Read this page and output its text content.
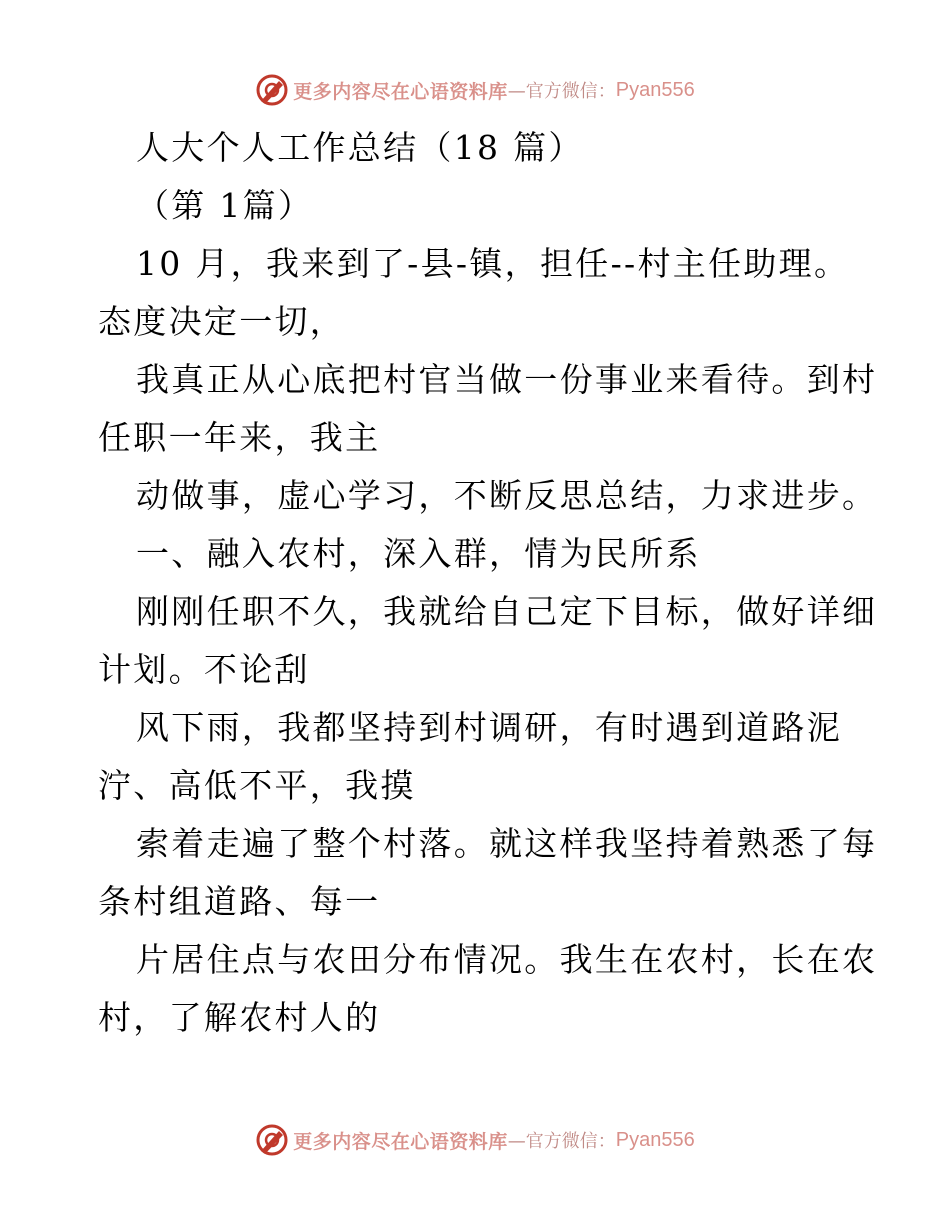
更多内容尽在心语资料库 —官方微信： Pyan556
人大个人工作总结（18 篇）
（第 1篇）
10 月，我来到了-县-镇，担任--村主任助理。
态度决定一切，
我真正从心底把村官当做一份事业来看待。到村
任职一年来，我主
动做事，虚心学习，不断反思总结，力求进步。
一、融入农村，深入群，情为民所系
刚刚任职不久，我就给自己定下目标，做好详细
计划。不论刮
风下雨，我都坚持到村调研，有时遇到道路泥
泞、高低不平，我摸
索着走遍了整个村落。就这样我坚持着熟悉了每
条村组道路、每一
片居住点与农田分布情况。我生在农村，长在农
村，了解农村人的
更多内容尽在心语资料库 —官方微信： Pyan556
